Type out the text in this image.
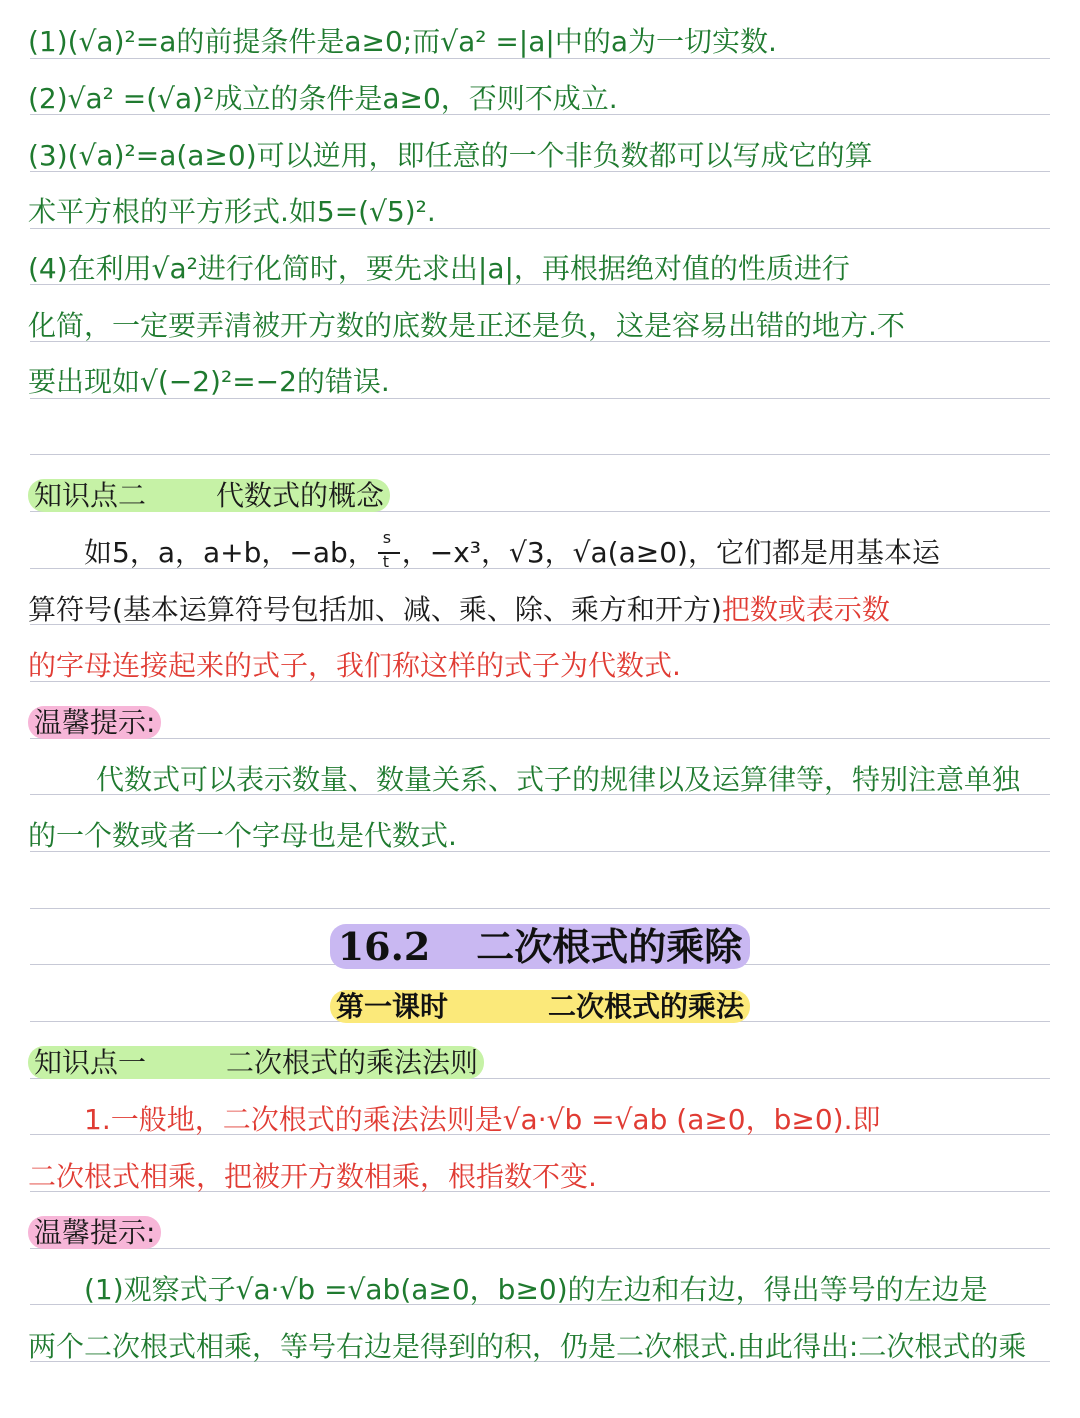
(1)(√a)²=a的前提条件是a≥0;而√a² =|a|中的a为一切实数.
(2)√a² =(√a)²成立的条件是a≥0，否则不成立.
(3)(√a)²=a(a≥0)可以逆用，即任意的一个非负数都可以写成它的算
术平方根的平方形式.如5=(√5)².
(4)在利用√a²进行化简时，要先求出|a|，再根据绝对值的性质进行
化简，一定要弄清被开方数的底数是正还是负，这是容易出错的地方.不
要出现如√(−2)²=−2的错误.
知识点二	代数式的概念
如5，a，a+b，−ab， $\frac{s}{t}$ ，−x³，√3，√a(a≥0)，它们都是用基本运
算符号(基本运算符号包括加、减、乘、除、乘方和开方)把数或表示数
的字母连接起来的式子，我们称这样的式子为代数式.
温馨提示:
代数式可以表示数量、数量关系、式子的规律以及运算律等，特别注意单独
的一个数或者一个字母也是代数式.
16.2 二次根式的乘除
第一课时	二次根式的乘法
知识点一	二次根式的乘法法则
1.一般地，二次根式的乘法法则是√a·√b =√ab (a≥0，b≥0).即
二次根式相乘，把被开方数相乘，根指数不变.
温馨提示:
(1)观察式子√a·√b =√ab(a≥0，b≥0)的左边和右边，得出等号的左边是
两个二次根式相乘，等号右边是得到的积，仍是二次根式.由此得出:二次根式的乘
